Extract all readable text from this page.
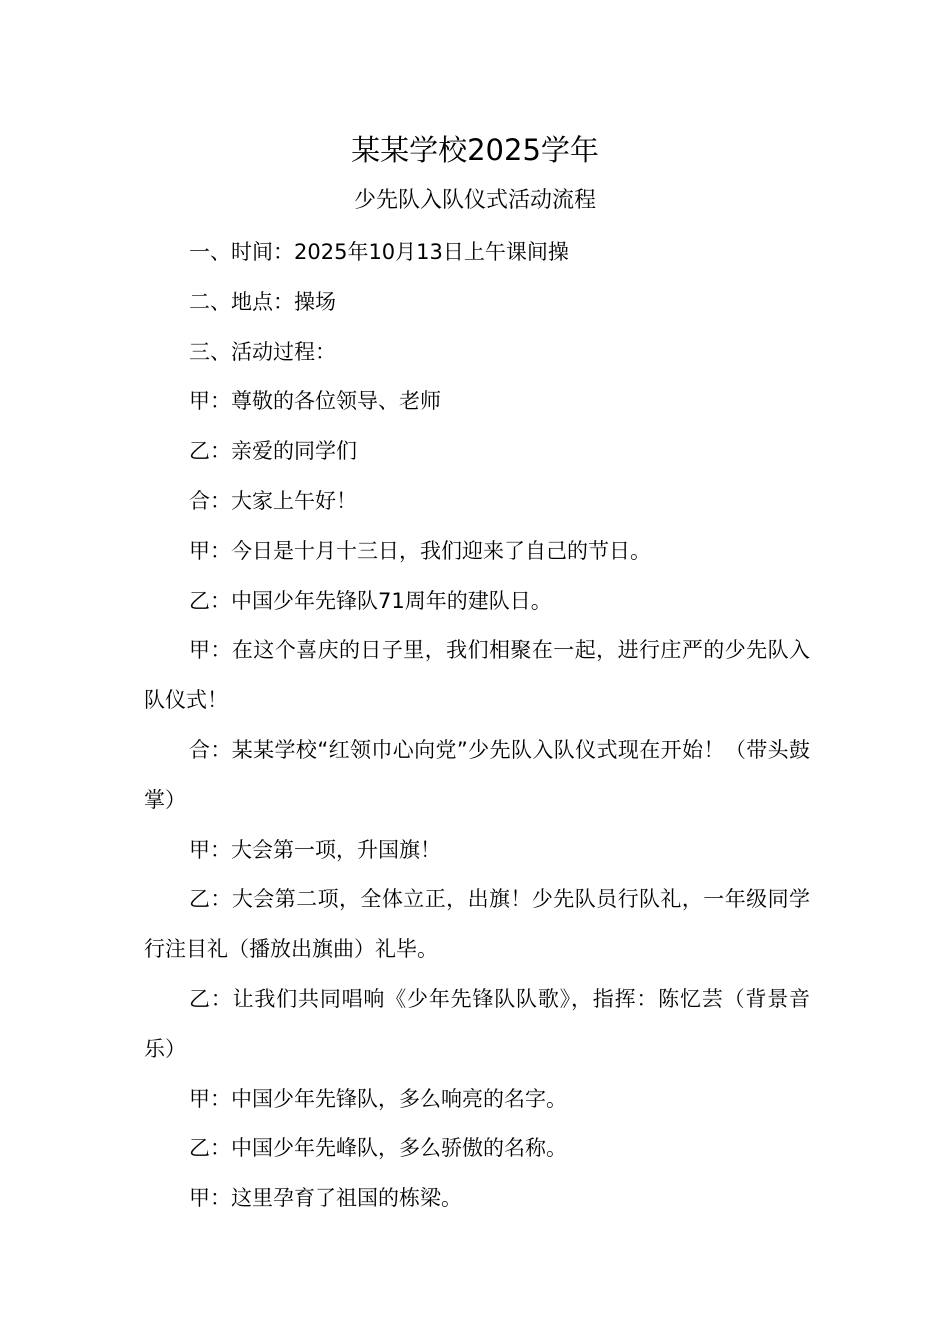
某某学校2025学年
少先队入队仪式活动流程

一、时间：2025年10月13日上午课间操

二、地点：操场

三、活动过程：

甲：尊敬的各位领导、老师

乙：亲爱的同学们

合：大家上午好！

甲：今日是十月十三日，我们迎来了自己的节日。

乙：中国少年先锋队71周年的建队日。

甲：在这个喜庆的日子里，我们相聚在一起，进行庄严的少先队入队仪式！

合：某某学校“红领巾心向党”少先队入队仪式现在开始！（带头鼓掌）

甲：大会第一项，升国旗！

乙：大会第二项，全体立正，出旗！少先队员行队礼，一年级同学行注目礼（播放出旗曲）礼毕。

乙：让我们共同唱响《少年先锋队队歌》，指挥：陈忆芸（背景音乐）

甲：中国少年先锋队，多么响亮的名字。

乙：中国少年先峰队，多么骄傲的名称。

甲：这里孕育了祖国的栋梁。
